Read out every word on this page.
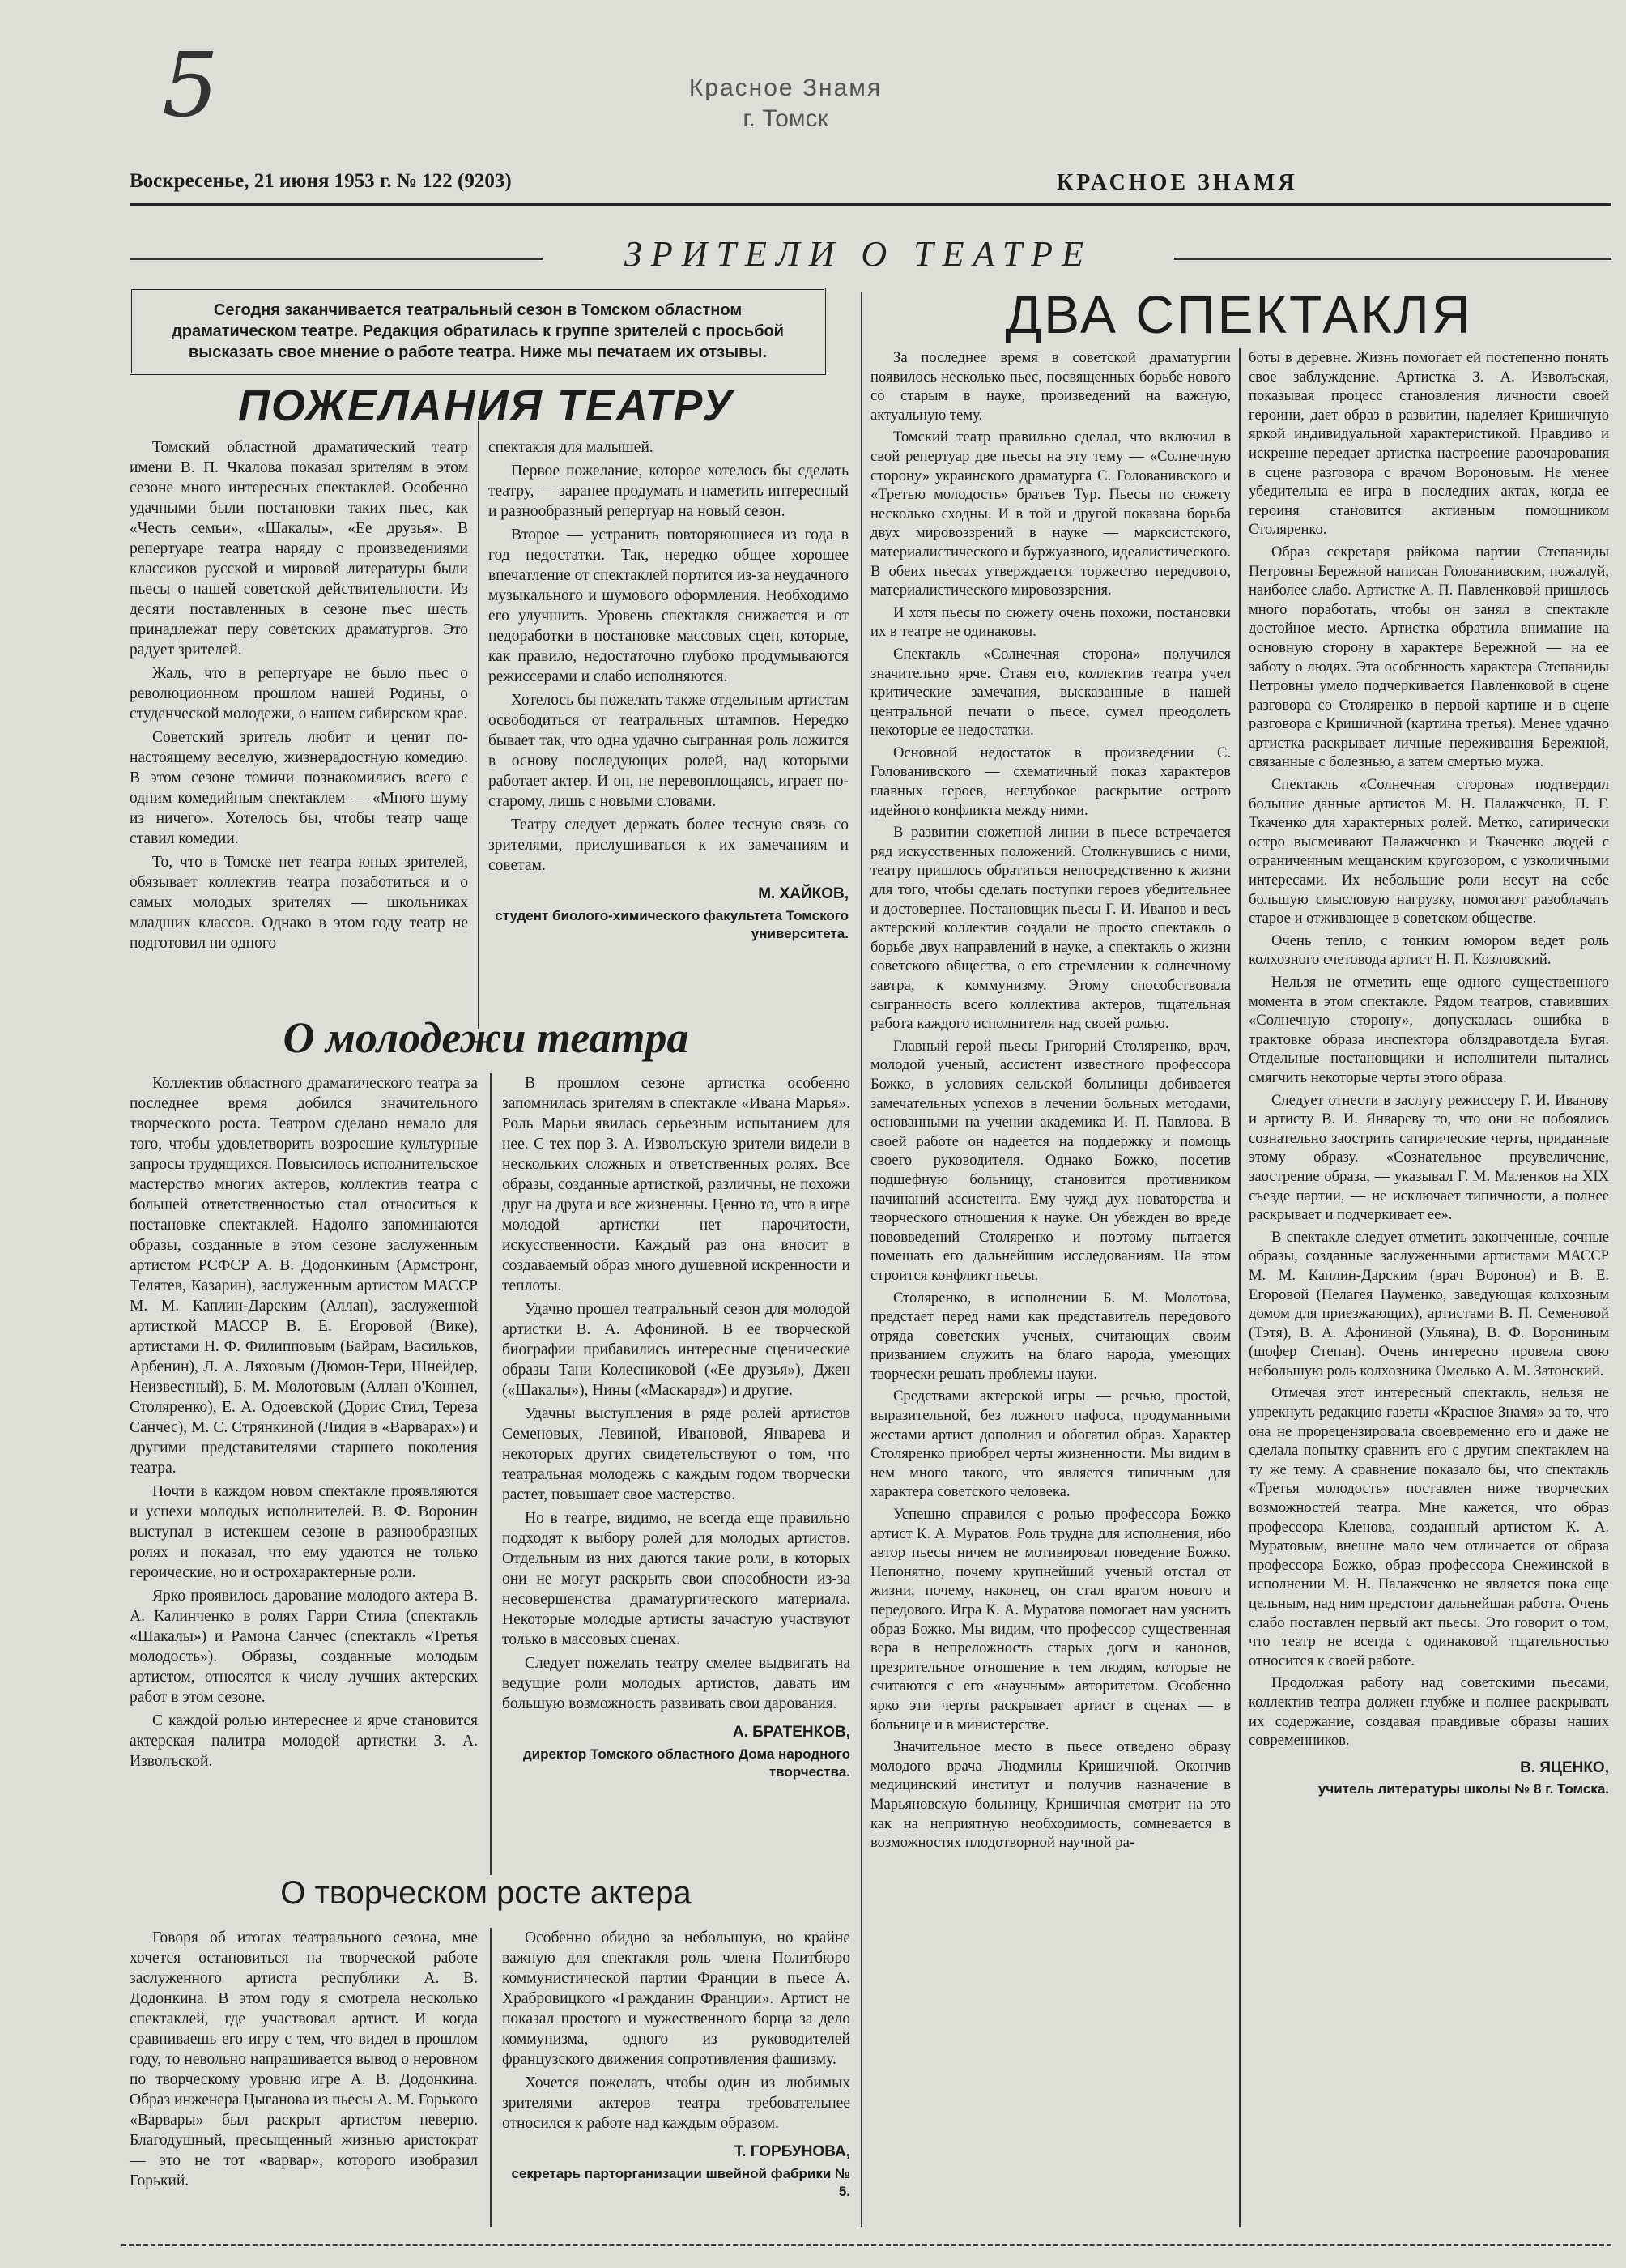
5	Красное Знамя
г. Томск
Воскресенье, 21 июня 1953 г. № 122 (9203)	КРАСНОЕ ЗНАМЯ
ЗРИТЕЛИ О ТЕАТРЕ
Сегодня заканчивается театральный сезон в Томском областном драматическом театре. Редакция обратилась к группе зрителей с просьбой высказать свое мнение о работе театра. Ниже мы печатаем их отзывы.
ПОЖЕЛАНИЯ ТЕАТРУ

Томский областной драматический театр имени В. П. Чкалова показал зрителям в этом сезоне много интересных спектаклей. Особенно удачными были постановки таких пьес, как «Честь семьи», «Шакалы», «Ее друзья». В репертуаре театра наряду с произведениями классиков русской и мировой литературы были пьесы о нашей советской действительности. Из десяти поставленных в сезоне пьес шесть принадлежат перу советских драматургов. Это радует зрителей.

Жаль, что в репертуаре не было пьес о революционном прошлом нашей Родины, о студенческой молодежи, о нашем сибирском крае.

Советский зритель любит и ценит по-настоящему веселую, жизнерадостную комедию. В этом сезоне томичи познакомились всего с одним комедийным спектаклем — «Много шуму из ничего». Хотелось бы, чтобы театр чаще ставил комедии.

То, что в Томске нет театра юных зрителей, обязывает коллектив театра позаботиться и о самых молодых зрителях — школьниках младших классов. Однако в этом году театр не подготовил ни одного

спектакля для малышей.

Первое пожелание, которое хотелось бы сделать театру, — заранее продумать и наметить интересный и разнообразный репертуар на новый сезон.

Второе — устранить повторяющиеся из года в год недостатки. Так, нередко общее хорошее впечатление от спектаклей портится из-за неудачного музыкального и шумового оформления. Необходимо его улучшить. Уровень спектакля снижается и от недоработки в постановке массовых сцен, которые, как правило, недостаточно глубоко продумываются режиссерами и слабо исполняются.

Хотелось бы пожелать также отдельным артистам освободиться от театральных штампов. Нередко бывает так, что одна удачно сыгранная роль ложится в основу последующих ролей, над которыми работает актер. И он, не перевоплощаясь, играет по-старому, лишь с новыми словами.

Театру следует держать более тесную связь со зрителями, прислушиваться к их замечаниям и советам.

М. ХАЙКОВ,

студент биолого-химического факультета Томского университета.

О молодежи театра

Коллектив областного драматического театра за последнее время добился значительного творческого роста. Театром сделано немало для того, чтобы удовлетворить возросшие культурные запросы трудящихся. Повысилось исполнительское мастерство многих актеров, коллектив театра с большей ответственностью стал относиться к постановке спектаклей. Надолго запоминаются образы, созданные в этом сезоне заслуженным артистом РСФСР А. В. Додонкиным (Армстронг, Телятев, Казарин), заслуженным артистом МАССР М. М. Каплин-Дарским (Аллан), заслуженной артисткой МАССР В. Е. Егоровой (Вике), артистами Н. Ф. Филипповым (Байрам, Васильков, Арбенин), Л. А. Ляховым (Дюмон-Тери, Шнейдер, Неизвестный), Б. М. Молотовым (Аллан о'Коннел, Столяренко), Е. А. Одоевской (Дорис Стил, Тереза Санчес), М. С. Стрянкиной (Лидия в «Варварах») и другими представителями старшего поколения театра.

Почти в каждом новом спектакле проявляются и успехи молодых исполнителей. В. Ф. Воронин выступал в истекшем сезоне в разнообразных ролях и показал, что ему удаются не только героические, но и острохарактерные роли.

Ярко проявилось дарование молодого актера В. А. Калинченко в ролях Гарри Стила (спектакль «Шакалы») и Рамона Санчес (спектакль «Третья молодость»). Образы, созданные молодым артистом, относятся к числу лучших актерских работ в этом сезоне.

С каждой ролью интереснее и ярче становится актерская палитра молодой артистки З. А. Изволъской.

В прошлом сезоне артистка особенно запомнилась зрителям в спектакле «Ивана Марья». Роль Марьи явилась серьезным испытанием для нее. С тех пор З. А. Изволъскую зрители видели в нескольких сложных и ответственных ролях. Все образы, созданные артисткой, различны, не похожи друг на друга и все жизненны. Ценно то, что в игре молодой артистки нет нарочитости, искусственности. Каждый раз она вносит в создаваемый образ много душевной искренности и теплоты.

Удачно прошел театральный сезон для молодой артистки В. А. Афониной. В ее творческой биографии прибавились интересные сценические образы Тани Колесниковой («Ее друзья»), Джен («Шакалы»), Нины («Маскарад») и другие.

Удачны выступления в ряде ролей артистов Семеновых, Левиной, Ивановой, Январева и некоторых других свидетельствуют о том, что театральная молодежь с каждым годом творчески растет, повышает свое мастерство.

Но в театре, видимо, не всегда еще правильно подходят к выбору ролей для молодых артистов. Отдельным из них даются такие роли, в которых они не могут раскрыть свои способности из-за несовершенства драматургического материала. Некоторые молодые артисты зачастую участвуют только в массовых сценах.

Следует пожелать театру смелее выдвигать на ведущие роли молодых артистов, давать им большую возможность развивать свои дарования.

А. БРАТЕНКОВ,

директор Томского областного Дома народного творчества.

О творческом росте актера

Говоря об итогах театрального сезона, мне хочется остановиться на творческой работе заслуженного артиста республики А. В. Додонкина. В этом году я смотрела несколько спектаклей, где участвовал артист. И когда сравниваешь его игру с тем, что видел в прошлом году, то невольно напрашивается вывод о неровном по творческому уровню игре А. В. Додонкина. Образ инженера Цыганова из пьесы А. М. Горького «Варвары» был раскрыт артистом неверно. Благодушный, пресыщенный жизнью аристократ — это не тот «варвар», которого изобразил Горький.

Особенно обидно за небольшую, но крайне важную для спектакля роль члена Политбюро коммунистической партии Франции в пьесе А. Храбровицкого «Гражданин Франции». Артист не показал простого и мужественного борца за дело коммунизма, одного из руководителей французского движения сопротивления фашизму.

Хочется пожелать, чтобы один из любимых зрителями актеров театра требовательнее относился к работе над каждым образом.

Т. ГОРБУНОВА,

секретарь парторганизации швейной фабрики № 5.

ДВА СПЕКТАКЛЯ

За последнее время в советской драматургии появилось несколько пьес, посвященных борьбе нового со старым в науке, произведений на важную, актуальную тему.

Томский театр правильно сделал, что включил в свой репертуар две пьесы на эту тему — «Солнечную сторону» украинского драматурга С. Голованивского и «Третью молодость» братьев Тур. Пьесы по сюжету несколько сходны. И в той и другой показана борьба двух мировоззрений в науке — марксистского, материалистического и буржуазного, идеалистического. В обеих пьесах утверждается торжество передового, материалистического мировоззрения.

И хотя пьесы по сюжету очень похожи, постановки их в театре не одинаковы.

Спектакль «Солнечная сторона» получился значительно ярче. Ставя его, коллектив театра учел критические замечания, высказанные в нашей центральной печати о пьесе, сумел преодолеть некоторые ее недостатки.

Основной недостаток в произведении С. Голованивского — схематичный показ характеров главных героев, неглубокое раскрытие острого идейного конфликта между ними.

В развитии сюжетной линии в пьесе встречается ряд искусственных положений. Столкнувшись с ними, театру пришлось обратиться непосредственно к жизни для того, чтобы сделать поступки героев убедительнее и достовернее. Постановщик пьесы Г. И. Иванов и весь актерский коллектив создали не просто спектакль о борьбе двух направлений в науке, а спектакль о жизни советского общества, о его стремлении к солнечному завтра, к коммунизму. Этому способствовала сыгранность всего коллектива актеров, тщательная работа каждого исполнителя над своей ролью.

Главный герой пьесы Григорий Столяренко, врач, молодой ученый, ассистент известного профессора Божко, в условиях сельской больницы добивается замечательных успехов в лечении больных методами, основанными на учении академика И. П. Павлова. В своей работе он надеется на поддержку и помощь своего руководителя. Однако Божко, посетив подшефную больницу, становится противником начинаний ассистента. Ему чужд дух новаторства и творческого отношения к науке. Он убежден во вреде нововведений Столяренко и поэтому пытается помешать его дальнейшим исследованиям. На этом строится конфликт пьесы.

Столяренко, в исполнении Б. М. Молотова, предстает перед нами как представитель передового отряда советских ученых, считающих своим призванием служить на благо народа, умеющих творчески решать проблемы науки.

Средствами актерской игры — речью, простой, выразительной, без ложного пафоса, продуманными жестами артист дополнил и обогатил образ. Характер Столяренко приобрел черты жизненности. Мы видим в нем много такого, что является типичным для характера советского человека.

Успешно справился с ролью профессора Божко артист К. А. Муратов. Роль трудна для исполнения, ибо автор пьесы ничем не мотивировал поведение Божко. Непонятно, почему крупнейший ученый отстал от жизни, почему, наконец, он стал врагом нового и передового. Игра К. А. Муратова помогает нам уяснить образ Божко. Мы видим, что профессор существенная вера в непреложность старых догм и канонов, презрительное отношение к тем людям, которые не считаются с его «научным» авторитетом. Особенно ярко эти черты раскрывает артист в сценах — в больнице и в министерстве.

Значительное место в пьесе отведено образу молодого врача Людмилы Кришичной. Окончив медицинский институт и получив назначение в Марьяновскую больницу, Кришичная смотрит на это как на неприятную необходимость, сомневается в возможностях плодотворной научной ра-

боты в деревне. Жизнь помогает ей постепенно понять свое заблуждение. Артистка З. А. Изволъская, показывая процесс становления личности своей героини, дает образ в развитии, наделяет Кришичную яркой индивидуальной характеристикой. Правдиво и искренне передает артистка настроение разочарования в сцене разговора с врачом Вороновым. Не менее убедительна ее игра в последних актах, когда ее героиня становится активным помощником Столяренко.

Образ секретаря райкома партии Степаниды Петровны Бережной написан Голованивским, пожалуй, наиболее слабо. Артистке А. П. Павленковой пришлось много поработать, чтобы он занял в спектакле достойное место. Артистка обратила внимание на основную сторону в характере Бережной — на ее заботу о людях. Эта особенность характера Степаниды Петровны умело подчеркивается Павленковой в сцене разговора со Столяренко в первой картине и в сцене разговора с Кришичной (картина третья). Менее удачно артистка раскрывает личные переживания Бережной, связанные с болезнью, а затем смертью мужа.

Спектакль «Солнечная сторона» подтвердил большие данные артистов М. Н. Палажченко, П. Г. Ткаченко для характерных ролей. Метко, сатирически остро высмеивают Палажченко и Ткаченко людей с ограниченным мещанским кругозором, с узколичными интересами. Их небольшие роли несут на себе большую смысловую нагрузку, помогают разоблачать старое и отживающее в советском обществе.

Очень тепло, с тонким юмором ведет роль колхозного счетовода артист Н. П. Козловский.

Нельзя не отметить еще одного существенного момента в этом спектакле. Рядом театров, ставивших «Солнечную сторону», допускалась ошибка в трактовке образа инспектора облздравотдела Бугая. Отдельные постановщики и исполнители пытались смягчить некоторые черты этого образа.

Следует отнести в заслугу режиссеру Г. И. Иванову и артисту В. И. Январеву то, что они не побоялись сознательно заострить сатирические черты, приданные этому образу. «Сознательное преувеличение, заострение образа, — указывал Г. М. Маленков на XIX съезде партии, — не исключает типичности, а полнее раскрывает и подчеркивает ее».

В спектакле следует отметить законченные, сочные образы, созданные заслуженными артистами МАССР М. М. Каплин-Дарским (врач Воронов) и В. Е. Егоровой (Пелагея Науменко, заведующая колхозным домом для приезжающих), артистами В. П. Семеновой (Тэтя), В. А. Афониной (Ульяна), В. Ф. Ворониным (шофер Степан). Очень интересно провела свою небольшую роль колхозника Омелько А. М. Затонский.

Отмечая этот интересный спектакль, нельзя не упрекнуть редакцию газеты «Красное Знамя» за то, что она не прорецензировала своевременно его и даже не сделала попытку сравнить его с другим спектаклем на ту же тему. А сравнение показало бы, что спектакль «Третья молодость» поставлен ниже творческих возможностей театра. Мне кажется, что образ профессора Кленова, созданный артистом К. А. Муратовым, внешне мало чем отличается от образа профессора Божко, образ профессора Снежинской в исполнении М. Н. Палажченко не является пока еще цельным, над ним предстоит дальнейшая работа. Очень слабо поставлен первый акт пьесы. Это говорит о том, что театр не всегда с одинаковой тщательностью относится к своей работе.

Продолжая работу над советскими пьесами, коллектив театра должен глубже и полнее раскрывать их содержание, создавая правдивые образы наших современников.

В. ЯЦЕНКО,

учитель литературы школы № 8 г. Томска.
